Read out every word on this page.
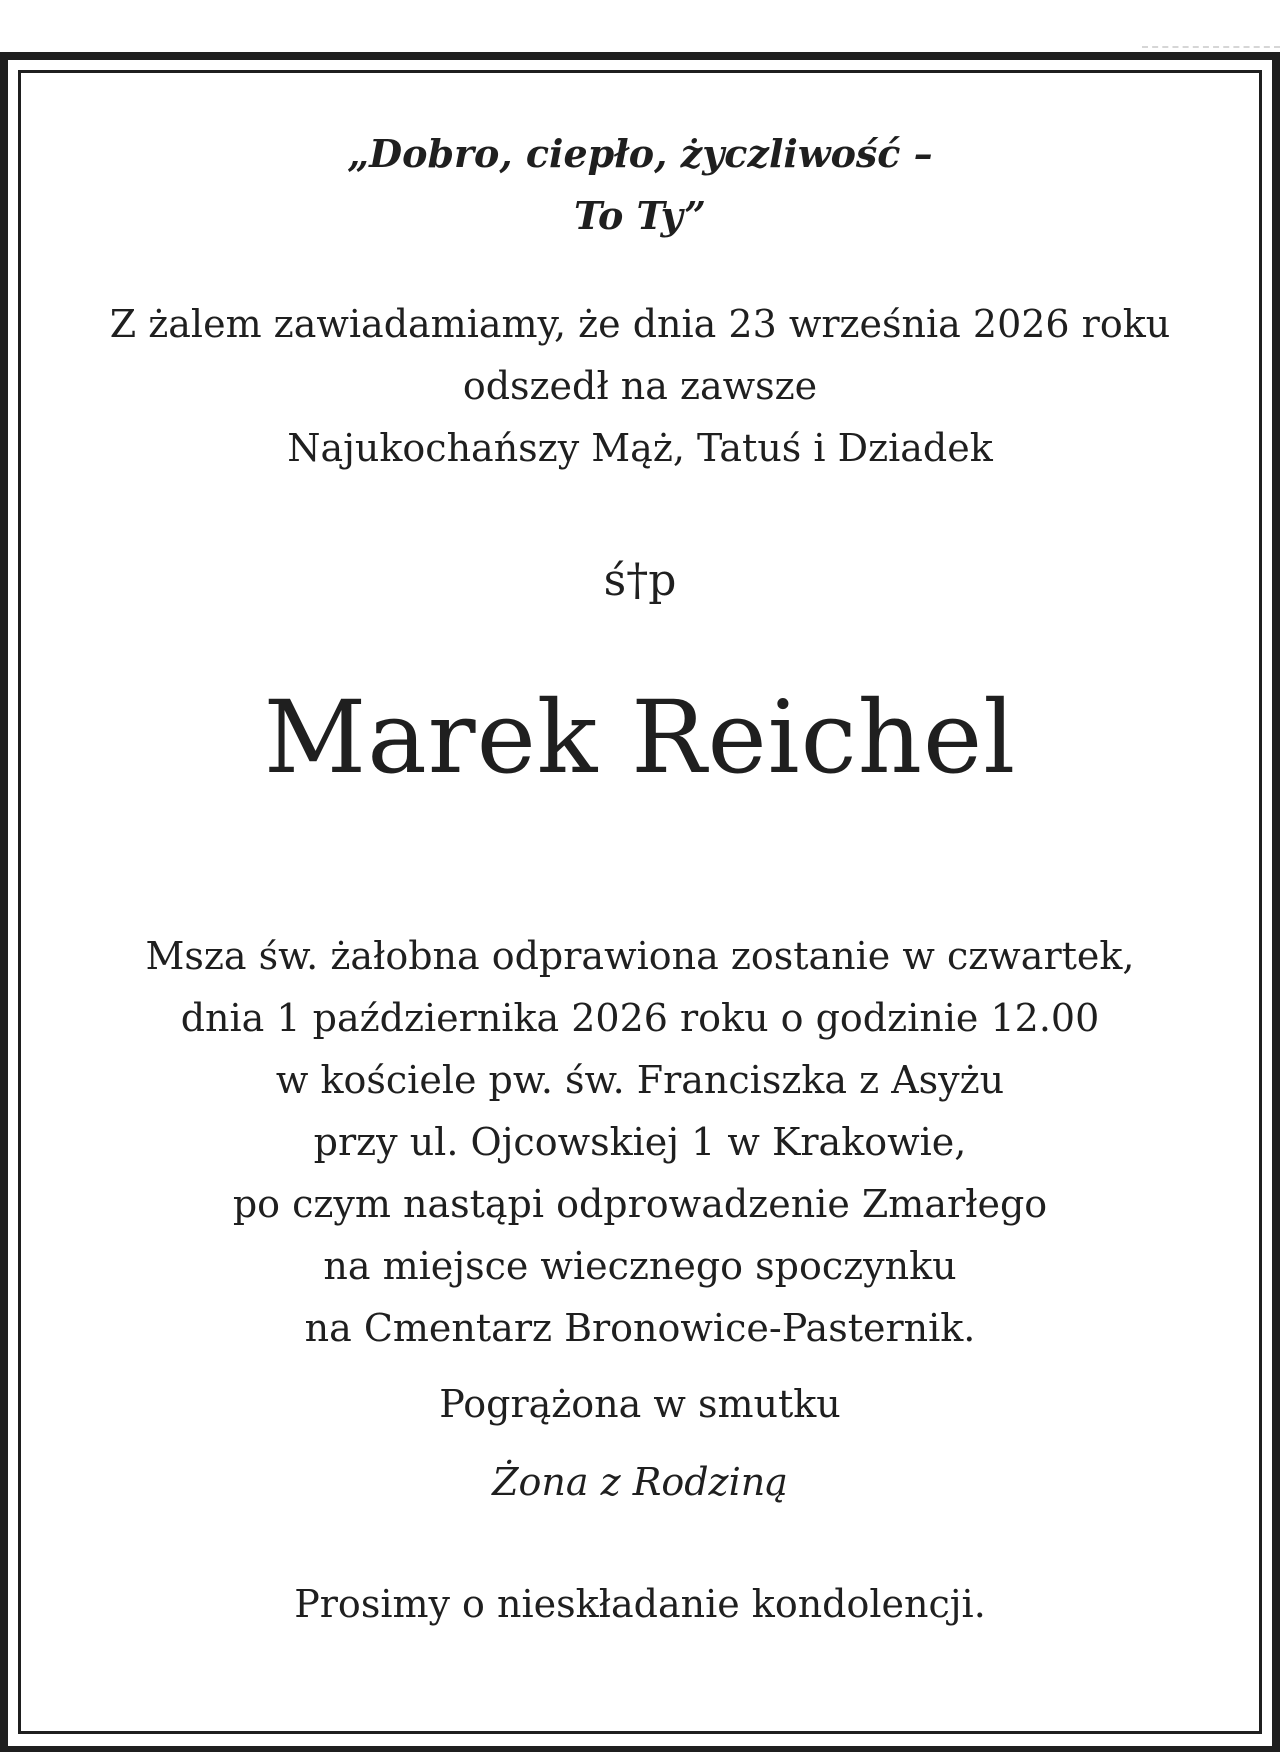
„Dobro, ciepło, życzliwość –
To Ty”
Z żalem zawiadamiamy, że dnia 23 września 2026 roku
odszedł na zawsze
Najukochańszy Mąż, Tatuś i Dziadek
ś†p
Marek Reichel
Msza św. żałobna odprawiona zostanie w czwartek,
dnia 1 października 2026 roku o godzinie 12.00
w kościele pw. św. Franciszka z Asyżu
przy ul. Ojcowskiej 1 w Krakowie,
po czym nastąpi odprowadzenie Zmarłego
na miejsce wiecznego spoczynku
na Cmentarz Bronowice-Pasternik.
Pogrążona w smutku
Żona z Rodziną
Prosimy o nieskładanie kondolencji.
